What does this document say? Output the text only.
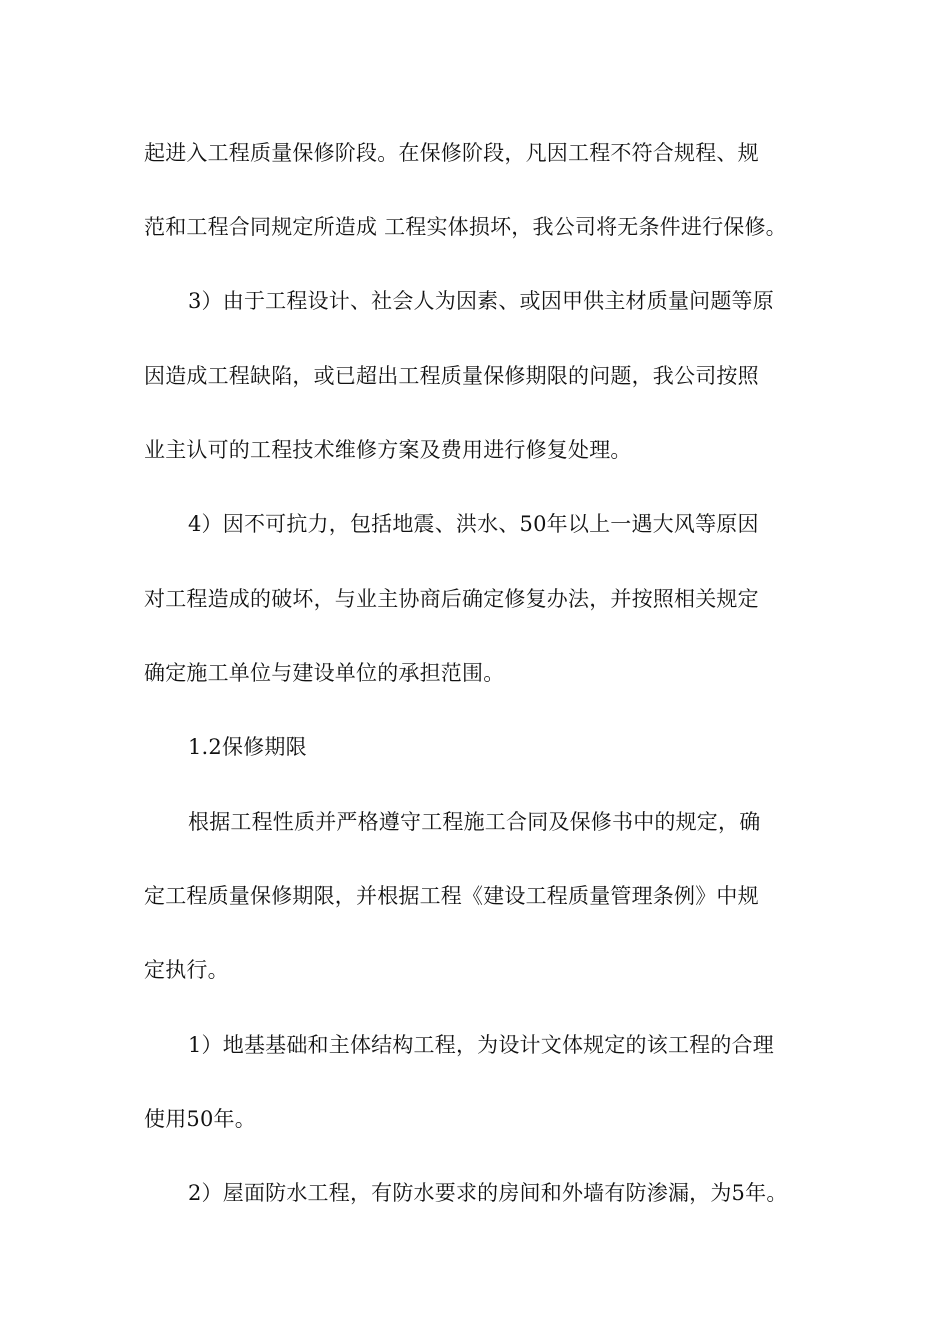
起进入工程质量保修阶段。在保修阶段，凡因工程不符合规程、规
范和工程合同规定所造成 工程实体损坏，我公司将无条件进行保修。
3）由于工程设计、社会人为因素、或因甲供主材质量问题等原
因造成工程缺陷，或已超出工程质量保修期限的问题，我公司按照
业主认可的工程技术维修方案及费用进行修复处理。
4）因不可抗力，包括地震、洪水、50年以上一遇大风等原因
对工程造成的破坏，与业主协商后确定修复办法，并按照相关规定
确定施工单位与建设单位的承担范围。
1.2保修期限
根据工程性质并严格遵守工程施工合同及保修书中的规定，确
定工程质量保修期限，并根据工程《建设工程质量管理条例》中规
定执行。
1）地基基础和主体结构工程，为设计文体规定的该工程的合理
使用50年。
2）屋面防水工程，有防水要求的房间和外墙有防渗漏，为5年。
